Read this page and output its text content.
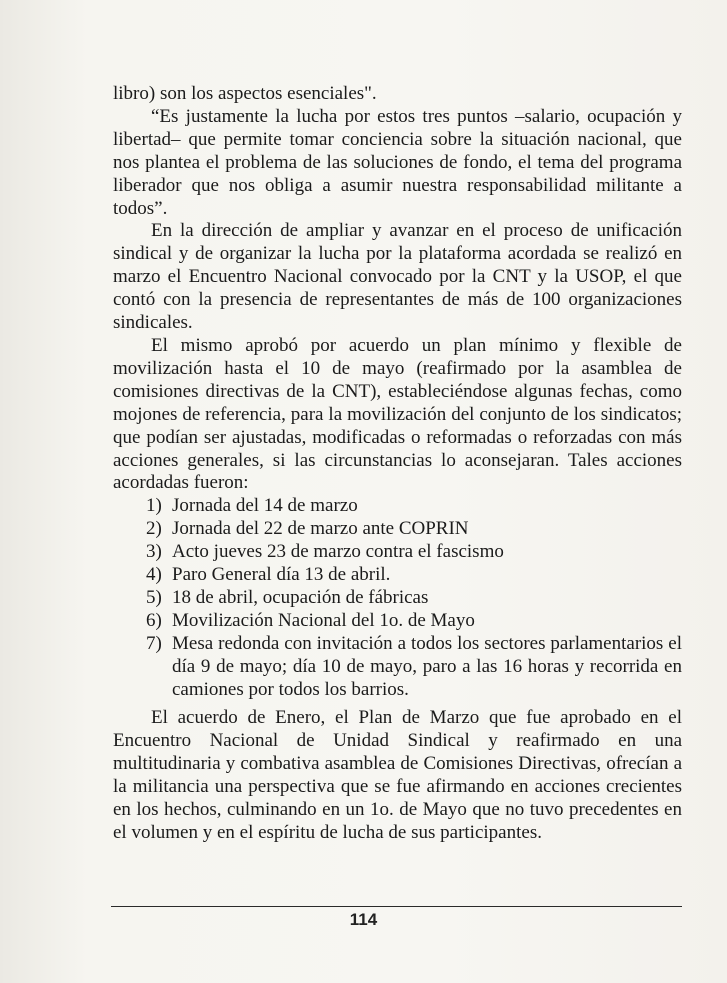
libro) son los aspectos esenciales".

“Es justamente la lucha por estos tres puntos –salario, ocupación y libertad– que permite tomar conciencia sobre la situación nacional, que nos plantea el problema de las soluciones de fondo, el tema del programa liberador que nos obliga a asumir nuestra responsabilidad militante a todos”.

En la dirección de ampliar y avanzar en el proceso de unificación sindical y de organizar la lucha por la plataforma acordada se realizó en marzo el Encuentro Nacional convocado por la CNT y la USOP, el que contó con la presencia de representantes de más de 100 organizaciones sindicales.

El mismo aprobó por acuerdo un plan mínimo y flexible de movilización hasta el 10 de mayo (reafirmado por la asamblea de comisiones directivas de la CNT), estableciéndose algunas fechas, como mojones de referencia, para la movilización del conjunto de los sindicatos; que podían ser ajustadas, modificadas o reformadas o reforzadas con más acciones generales, si las circunstancias lo aconsejaran. Tales acciones acordadas fueron:

1) Jornada del 14 de marzo
2) Jornada del 22 de marzo ante COPRIN
3) Acto jueves 23 de marzo contra el fascismo
4) Paro General día 13 de abril.
5) 18 de abril, ocupación de fábricas
6) Movilización Nacional del 1o. de Mayo
7) Mesa redonda con invitación a todos los sectores parlamentarios el día 9 de mayo; día 10 de mayo, paro a las 16 horas y recorrida en camiones por todos los barrios.

El acuerdo de Enero, el Plan de Marzo que fue aprobado en el Encuentro Nacional de Unidad Sindical y reafirmado en una multitudinaria y combativa asamblea de Comisiones Directivas, ofrecían a la militancia una perspectiva que se fue afirmando en acciones crecientes en los hechos, culminando en un 1o. de Mayo que no tuvo precedentes en el volumen y en el espíritu de lucha de sus participantes.

114
